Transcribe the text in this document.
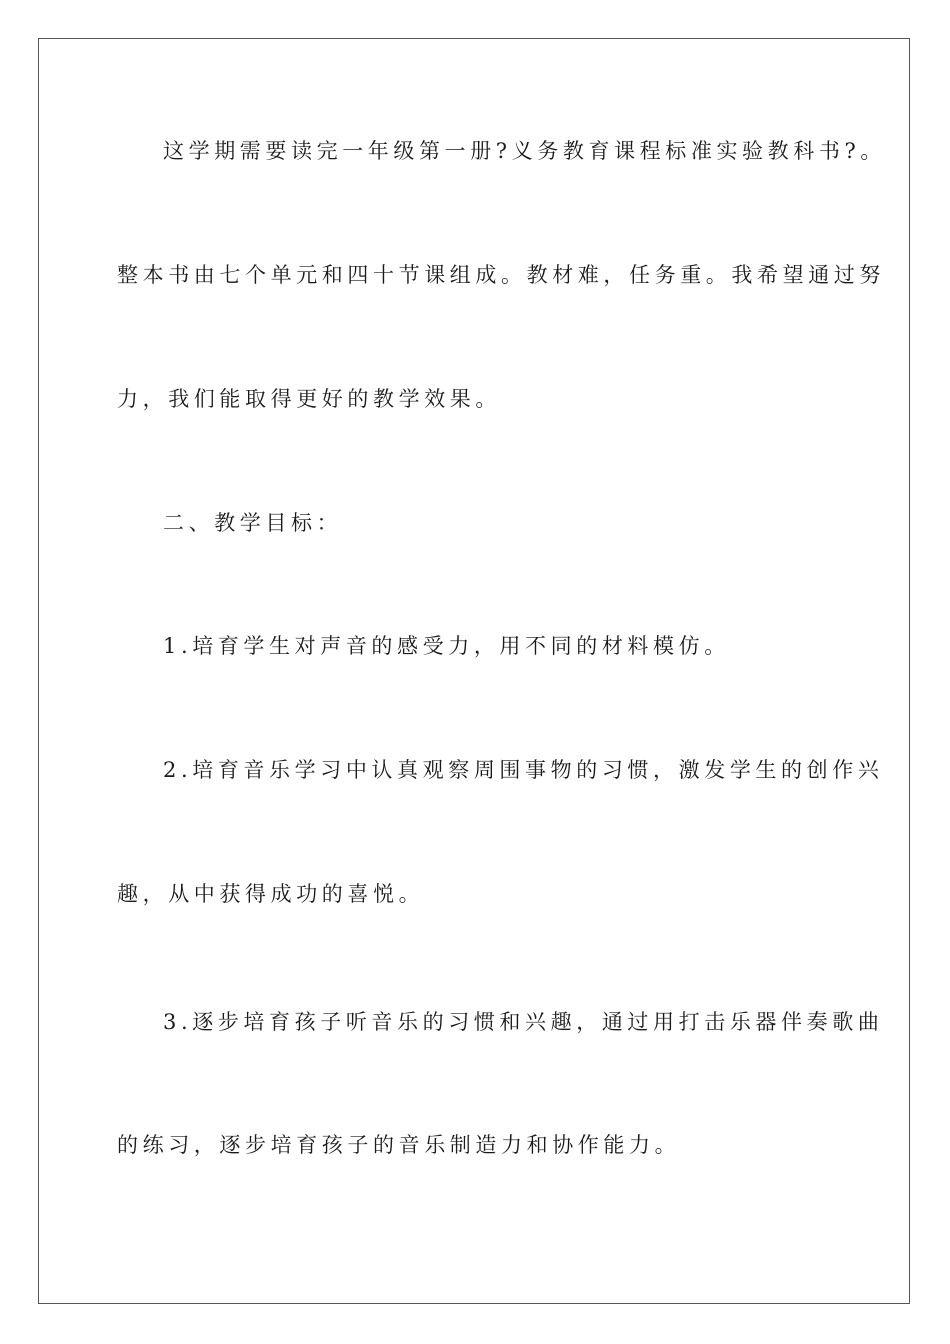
这学期需要读完一年级第一册?义务教育课程标准实验教科书?。

整本书由七个单元和四十节课组成。教材难，任务重。我希望通过努

力，我们能取得更好的教学效果。

二、教学目标：

1.培育学生对声音的感受力，用不同的材料模仿。

2.培育音乐学习中认真观察周围事物的习惯，激发学生的创作兴

趣，从中获得成功的喜悦。

3.逐步培育孩子听音乐的习惯和兴趣，通过用打击乐器伴奏歌曲

的练习，逐步培育孩子的音乐制造力和协作能力。
